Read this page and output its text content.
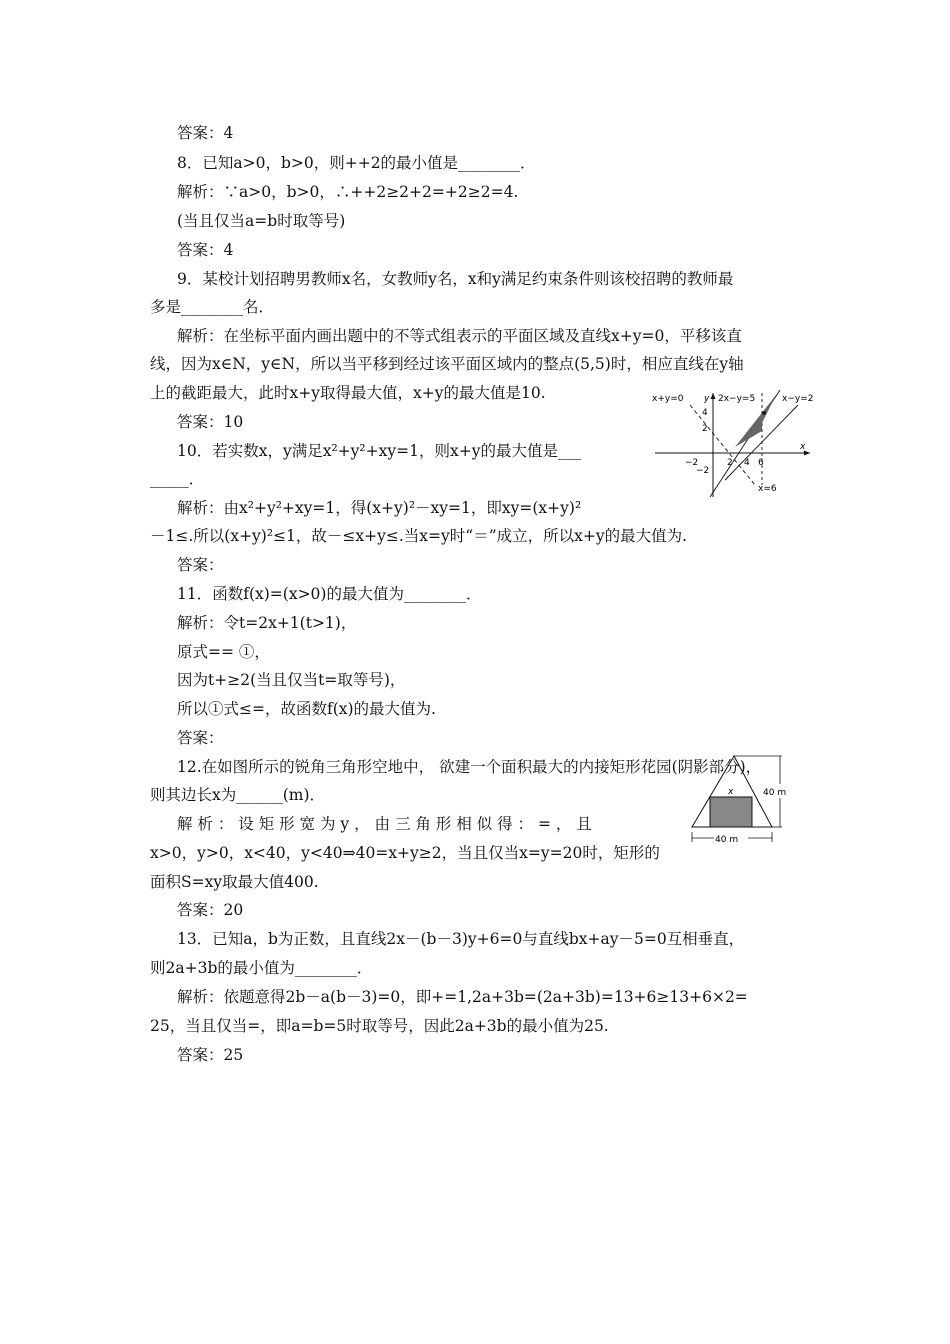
答案：4
8．已知a>0，b>0，则++2的最小值是________．
解析：∵a>0，b>0，∴++2≥2+2=+2≥2=4.
(当且仅当a=b时取等号)
答案：4
9．某校计划招聘男教师x名，女教师y名，x和y满足约束条件则该校招聘的教师最
多是________名．
解析：在坐标平面内画出题中的不等式组表示的平面区域及直线x+y=0，平移该直
线，因为x∈N，y∈N，所以当平移到经过该平面区域内的整点(5,5)时，相应直线在y轴
上的截距最大，此时x+y取得最大值，x+y的最大值是10.
答案：10
10．若实数x，y满足x²+y²+xy=1，则x+y的最大值是___
_____．
解析：由x²+y²+xy=1，得(x+y)²－xy=1，即xy=(x+y)²
－1≤.所以(x+y)²≤1，故－≤x+y≤.当x=y时“＝”成立，所以x+y的最大值为.
答案：
11．函数f(x)=(x>0)的最大值为________．
解析：令t=2x+1(t>1)，
原式== ①，
因为t+≥2(当且仅当t=取等号)，
所以①式≤=，故函数f(x)的最大值为.
答案：
12.在如图所示的锐角三角形空地中， 欲建一个面积最大的内接矩形花园(阴影部分)，
则其边长x为______(m)．
解 析 ： 设 矩 形 宽 为 y ， 由 三 角 形 相 似 得 ： = ， 且
x>0，y>0，x<40，y<40⇒40=x+y≥2，当且仅当x=y=20时，矩形的
面积S=xy取最大值400.
答案：20
13．已知a，b为正数，且直线2x－(b－3)y+6=0与直线bx+ay－5=0互相垂直，
则2a+3b的最小值为________．
解析：依题意得2b－a(b－3)=0，即+=1,2a+3b=(2a+3b)=13+6≥13+6×2=
25，当且仅当=，即a=b=5时取等号，因此2a+3b的最小值为25.
答案：25
x+y=0 y 2x−y=5	x−y=2
4
2
−2
−2
2 4 6
x
x=6
x	40 m
40 m
